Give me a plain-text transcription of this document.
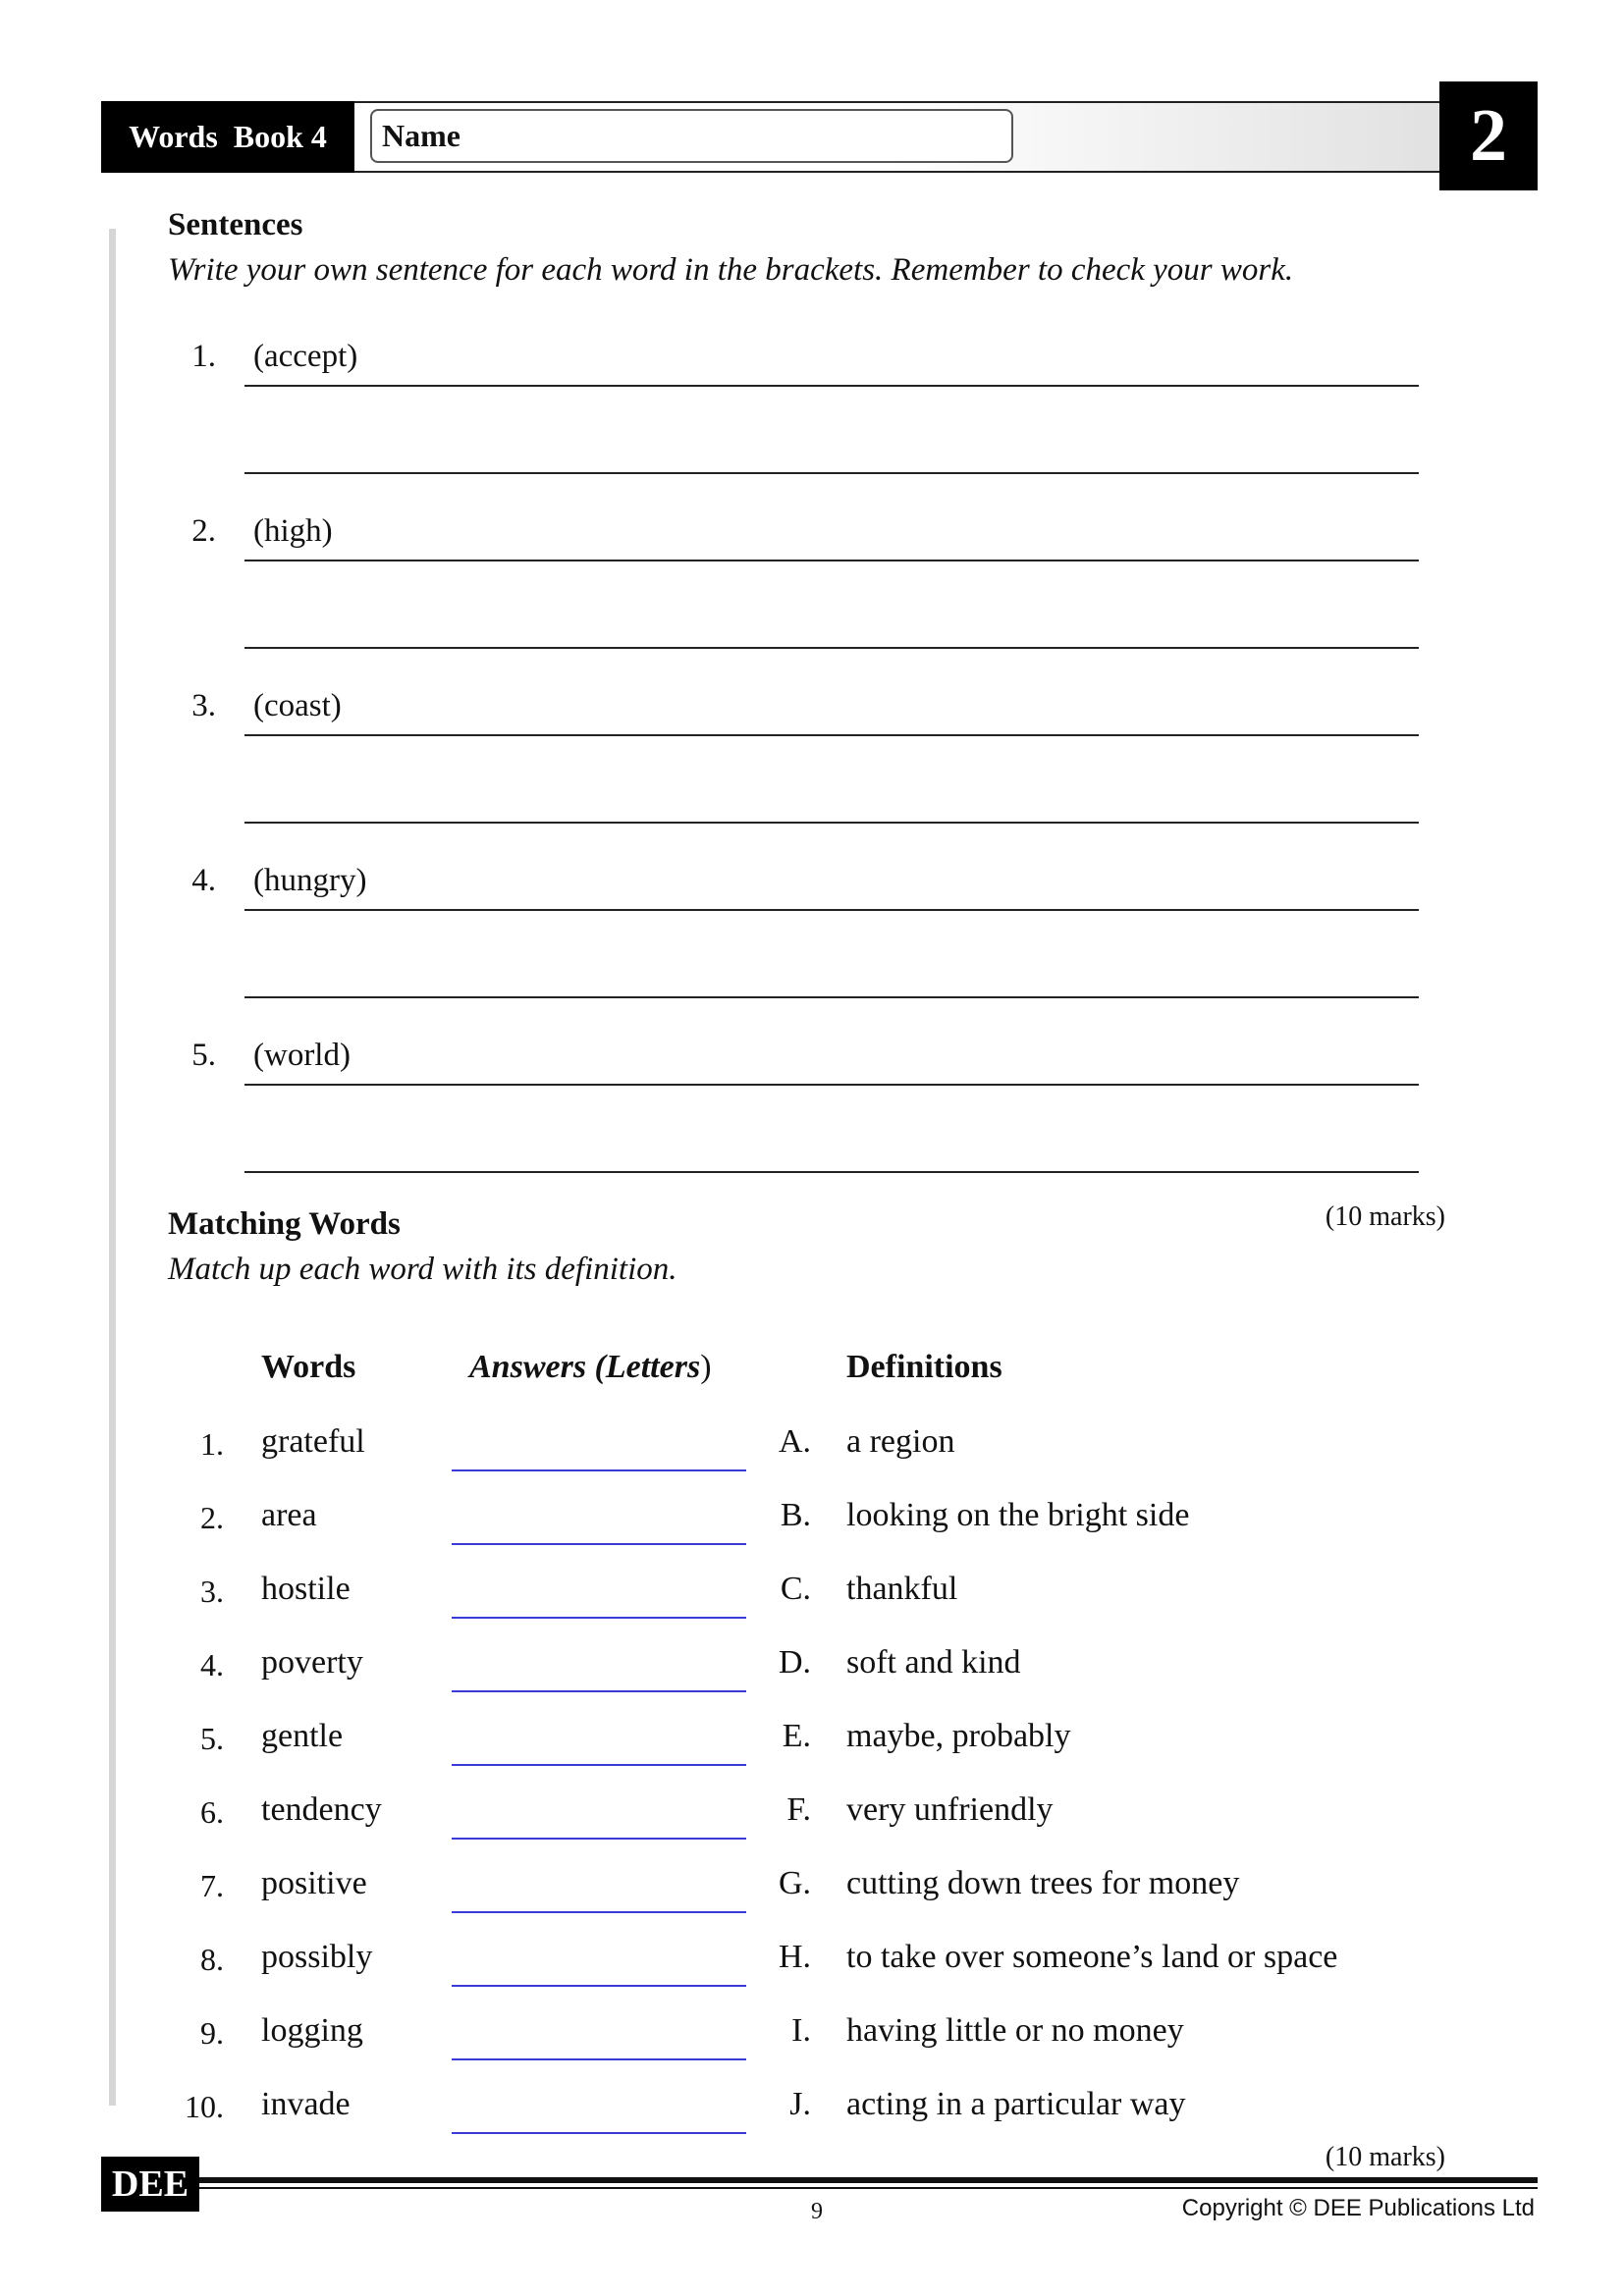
Words  Book 4	Name	2
Sentences
Write your own sentence for each word in the brackets. Remember to check your work.
1. (accept)
2. (high)
3. (coast)
4. (hungry)
5. (world)
(10 marks)
Matching Words
Match up each word with its definition.
Words	Answers (Letters)	Definitions
1. grateful	A. a region
2. area	B. looking on the bright side
3. hostile	C. thankful
4. poverty	D. soft and kind
5. gentle	E. maybe, probably
6. tendency	F. very unfriendly
7. positive	G. cutting down trees for money
8. possibly	H. to take over someone’s land or space
9. logging	I. having little or no money
10. invade	J. acting in a particular way
(10 marks)
DEE
9	Copyright © DEE Publications Ltd
